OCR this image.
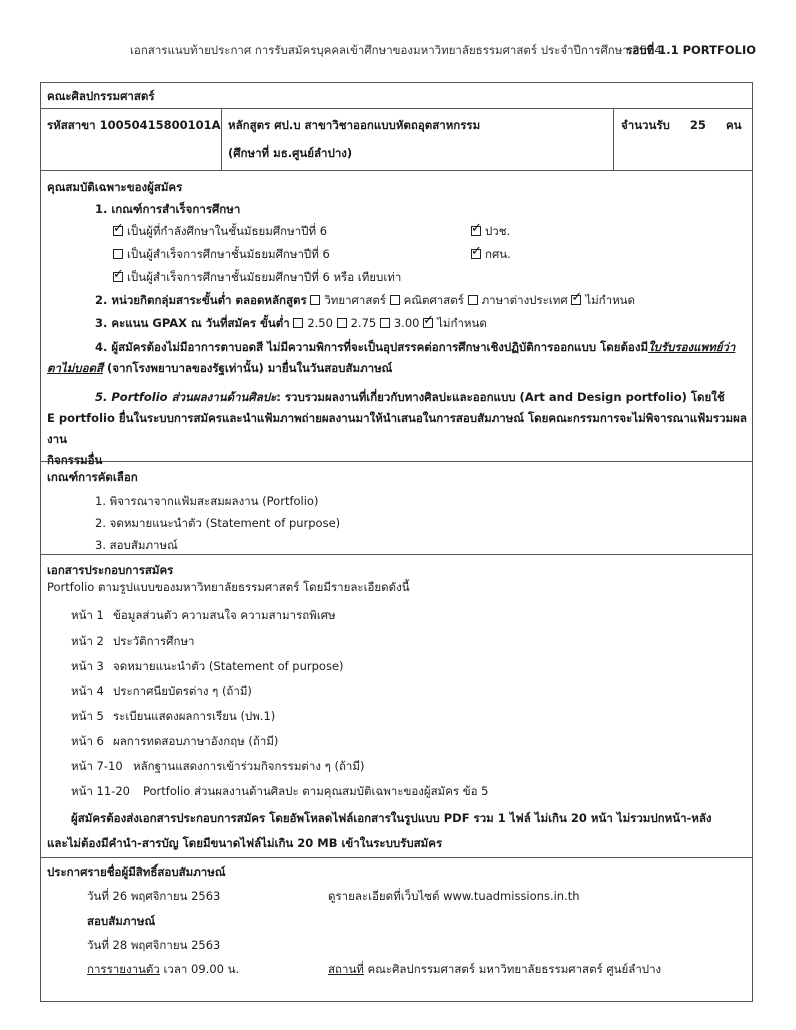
เอกสารแนบท้ายประกาศ การรับสมัครบุคคลเข้าศึกษาของมหาวิทยาลัยธรรมศาสตร์ ประจำปีการศึกษา 2564
รอบที่ 1.1 PORTFOLIO
คณะศิลปกรรมศาสตร์
รหัสสาขา 10050415800101A หลักสูตร ศป.บ สาขาวิชาออกแบบหัตถอุตสาหกรรม
(ศึกษาที่ มธ.ศูนย์ลำปาง)
จำนวนรับ 25 คน
คุณสมบัติเฉพาะของผู้สมัคร
1. เกณฑ์การสำเร็จการศึกษา
✓เป็นผู้ที่กำลังศึกษาในชั้นมัธยมศึกษาปีที่ 6 ✓	ปวช.
เป็นผู้สำเร็จการศึกษาชั้นมัธยมศึกษาปีที่ 6 ✓	กศน.
✓เป็นผู้สำเร็จการศึกษาชั้นมัธยมศึกษาปีที่ 6 หรือ เทียบเท่า
2. หน่วยกิตกลุ่มสาระขั้นต่ำ ตลอดหลักสูตร วิทยาศาสตร์ คณิตศาสตร์ ภาษาต่างประเทศ ✓ ไม่กำหนด
3. คะแนน GPAX ณ วันที่สมัคร ขั้นต่ำ 2.50 2.75 3.00 ✓ ไม่กำหนด
4. ผู้สมัครต้องไม่มีอาการตาบอดสี ไม่มีความพิการที่จะเป็นอุปสรรคต่อการศึกษาเชิงปฏิบัติการออกแบบ โดยต้องมีใบรับรองแพทย์ว่า
ตาไม่บอดสี (จากโรงพยาบาลของรัฐเท่านั้น) มายื่นในวันสอบสัมภาษณ์
5. Portfolio ส่วนผลงานด้านศิลปะ: รวบรวมผลงานที่เกี่ยวกับทางศิลปะและออกแบบ (Art and Design portfolio) โดยใช้
E portfolio ยื่นในระบบการสมัครและนำแฟ้มภาพถ่ายผลงานมาให้นำเสนอในการสอบสัมภาษณ์ โดยคณะกรรมการจะไม่พิจารณาแฟ้มรวมผลงาน
กิจกรรมอื่น
เกณฑ์การคัดเลือก
1. พิจารณาจากแฟ้มสะสมผลงาน (Portfolio)
2. จดหมายแนะนำตัว (Statement of purpose)
3. สอบสัมภาษณ์
เอกสารประกอบการสมัคร
Portfolio ตามรูปแบบของมหาวิทยาลัยธรรมศาสตร์ โดยมีรายละเอียดดังนี้
หน้า 1 ข้อมูลส่วนตัว ความสนใจ ความสามารถพิเศษ
หน้า 2 ประวัติการศึกษา
หน้า 3 จดหมายแนะนำตัว (Statement of purpose)
หน้า 4 ประกาศนียบัตรต่าง ๆ (ถ้ามี)
หน้า 5 ระเบียนแสดงผลการเรียน (ปพ.1)
หน้า 6 ผลการทดสอบภาษาอังกฤษ (ถ้ามี)
หน้า 7-10 หลักฐานแสดงการเข้าร่วมกิจกรรมต่าง ๆ (ถ้ามี)
หน้า 11-20 Portfolio ส่วนผลงานด้านศิลปะ ตามคุณสมบัติเฉพาะของผู้สมัคร ข้อ 5
ผู้สมัครต้องส่งเอกสารประกอบการสมัคร โดยอัพโหลดไฟล์เอกสารในรูปแบบ PDF รวม 1 ไฟล์ ไม่เกิน 20 หน้า ไม่รวมปกหน้า-หลัง
และไม่ต้องมีคำนำ-สารบัญ โดยมีขนาดไฟล์ไม่เกิน 20 MB เข้าในระบบรับสมัคร
ประกาศรายชื่อผู้มีสิทธิ์สอบสัมภาษณ์
วันที่ 26 พฤศจิกายน 2563	ดูรายละเอียดที่เว็บไซต์ www.tuadmissions.in.th
สอบสัมภาษณ์
วันที่ 28 พฤศจิกายน 2563
การรายงานตัว เวลา 09.00 น.	สถานที่ คณะศิลปกรรมศาสตร์ มหาวิทยาลัยธรรมศาสตร์ ศูนย์ลำปาง
